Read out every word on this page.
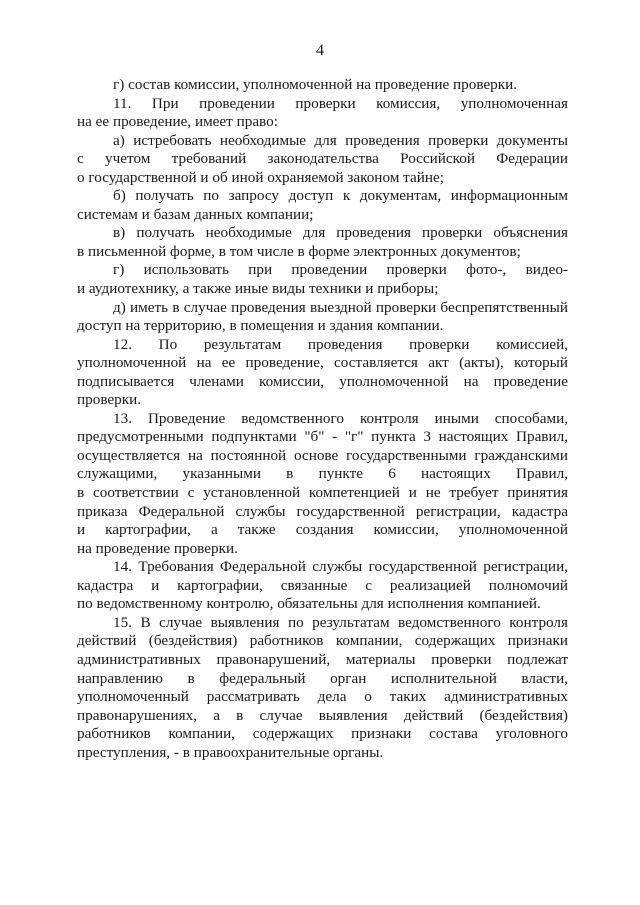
4
г) состав комиссии, уполномоченной на проведение проверки.
11. При проведении проверки комиссия, уполномоченная
на ее проведение, имеет право:
а) истребовать необходимые для проведения проверки документы
с учетом требований законодательства Российской Федерации
о государственной и об иной охраняемой законом тайне;
б) получать по запросу доступ к документам, информационным
системам и базам данных компании;
в) получать необходимые для проведения проверки объяснения
в письменной форме, в том числе в форме электронных документов;
г) использовать при проведении проверки фото-, видео-
и аудиотехнику, а также иные виды техники и приборы;
д) иметь в случае проведения выездной проверки беспрепятственный
доступ на территорию, в помещения и здания компании.
12. По результатам проведения проверки комиссией,
уполномоченной на ее проведение, составляется акт (акты), который
подписывается членами комиссии, уполномоченной на проведение
проверки.
13. Проведение ведомственного контроля иными способами,
предусмотренными подпунктами "б" - "г" пункта 3 настоящих Правил,
осуществляется на постоянной основе государственными гражданскими
служащими, указанными в пункте 6 настоящих Правил,
в соответствии с установленной компетенцией и не требует принятия
приказа Федеральной службы государственной регистрации, кадастра
и картографии, а также создания комиссии, уполномоченной
на проведение проверки.
14. Требования Федеральной службы государственной регистрации,
кадастра и картографии, связанные с реализацией полномочий
по ведомственному контролю, обязательны для исполнения компанией.
15. В случае выявления по результатам ведомственного контроля
действий (бездействия) работников компании, содержащих признаки
административных правонарушений, материалы проверки подлежат
направлению в федеральный орган исполнительной власти,
уполномоченный рассматривать дела о таких административных
правонарушениях, а в случае выявления действий (бездействия)
работников компании, содержащих признаки состава уголовного
преступления, - в правоохранительные органы.
